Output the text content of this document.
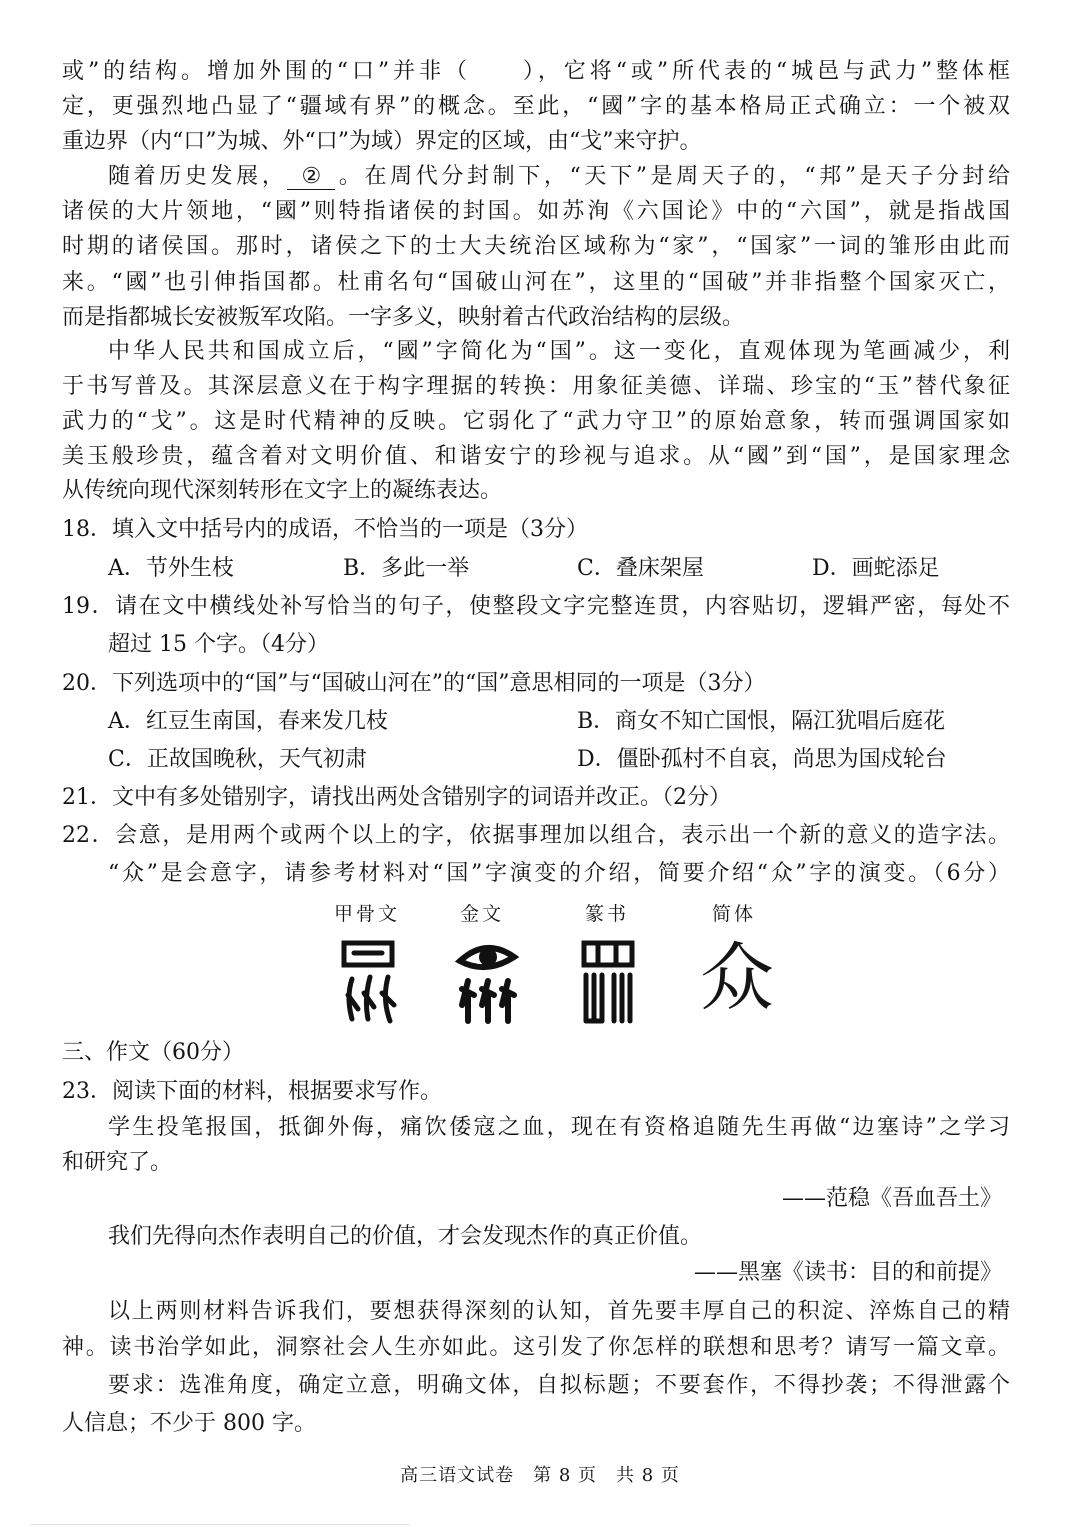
或”的结构。增加外围的“口”并非（　　），它将“或”所代表的“城邑与武力”整体框
定，更强烈地凸显了“疆域有界”的概念。至此，“國”字的基本格局正式确立：一个被双
重边界（内“口”为城、外“口”为域）界定的区域，由“戈”来守护。
随着历史发展， ② 。在周代分封制下，“天下”是周天子的，“邦”是天子分封给
诸侯的大片领地，“國”则特指诸侯的封国。如苏洵《六国论》中的“六国”，就是指战国
时期的诸侯国。那时，诸侯之下的士大夫统治区域称为“家”，“国家”一词的雏形由此而
来。“國”也引伸指国都。杜甫名句“国破山河在”，这里的“国破”并非指整个国家灭亡，
而是指都城长安被叛军攻陷。一字多义，映射着古代政治结构的层级。
中华人民共和国成立后，“國”字简化为“国”。这一变化，直观体现为笔画减少，利
于书写普及。其深层意义在于构字理据的转换：用象征美德、详瑞、珍宝的“玉”替代象征
武力的“戈”。这是时代精神的反映。它弱化了“武力守卫”的原始意象，转而强调国家如
美玉般珍贵，蕴含着对文明价值、和谐安宁的珍视与追求。从“國”到“国”，是国家理念
从传统向现代深刻转形在文字上的凝练表达。
18．填入文中括号内的成语，不恰当的一项是（3分）
A．节外生枝	B．多此一举	C．叠床架屋	D．画蛇添足
19．请在文中横线处补写恰当的句子，使整段文字完整连贯，内容贴切，逻辑严密，每处不
超过 15 个字。（4分）
20．下列选项中的“国”与“国破山河在”的“国”意思相同的一项是（3分）
A．红豆生南国，春来发几枝	B．商女不知亡国恨，隔江犹唱后庭花
C．正故国晚秋，天气初肃	D．僵卧孤村不自哀，尚思为国戍轮台
21．文中有多处错别字，请找出两处含错别字的词语并改正。（2分）
22．会意，是用两个或两个以上的字，依据事理加以组合，表示出一个新的意义的造字法。
“众”是会意字，请参考材料对“国”字演变的介绍，简要介绍“众”字的演变。（6分）
甲骨文	金文	篆书	简体
众
三、作文（60分）
23．阅读下面的材料，根据要求写作。
学生投笔报国，抵御外侮，痛饮倭寇之血，现在有资格追随先生再做“边塞诗”之学习
和研究了。
——范稳《吾血吾土》
我们先得向杰作表明自己的价值，才会发现杰作的真正价值。
——黑塞《读书：目的和前提》
以上两则材料告诉我们，要想获得深刻的认知，首先要丰厚自己的积淀、淬炼自己的精
神。读书治学如此，洞察社会人生亦如此。这引发了你怎样的联想和思考？请写一篇文章。
要求：选准角度，确定立意，明确文体，自拟标题；不要套作，不得抄袭；不得泄露个
人信息；不少于 800 字。
高三语文试卷　第 8 页　共 8 页
